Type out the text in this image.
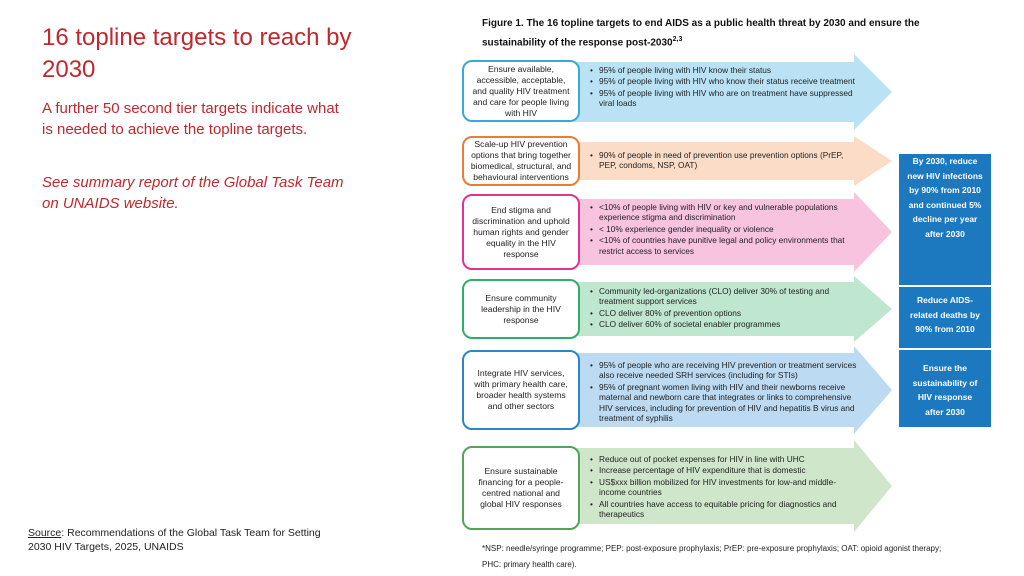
16 topline targets to reach by 2030
A further 50 second tier targets indicate what is needed to achieve the topline targets.
See summary report of the Global Task Team on UNAIDS website.
Source: Recommendations of the Global Task Team for Setting 2030 HIV Targets, 2025, UNAIDS
Figure 1. The 16 topline targets to end AIDS as a public health threat by 2030 and ensure the sustainability of the response post-2030$^{2,3}$
Ensure available, accessible, acceptable, and quality HIV treatment and care for people living with HIV
• 95% of people living with HIV know their status
• 95% of people living with HIV who know their status receive treatment
• 95% of people living with HIV who are on treatment have suppressed viral loads
Scale-up HIV prevention options that bring together biomedical, structural, and behavioural interventions
• 90% of people in need of prevention use prevention options (PrEP, PEP, condoms, NSP, OAT)
End stigma and discrimination and uphold human rights and gender equality in the HIV response
• <10% of people living with HIV or key and vulnerable populations experience stigma and discrimination
• < 10% experience gender inequality or violence
• <10% of countries have punitive legal and policy environments that restrict access to services
Ensure community leadership in the HIV response
• Community led-organizations (CLO) deliver 30% of testing and treatment support services
• CLO deliver 80% of prevention options
• CLO deliver 60% of societal enabler programmes
Integrate HIV services, with primary health care, broader health systems and other sectors
• 95% of people who are receiving HIV prevention or treatment services also receive needed SRH services (including for STIs)
• 95% of pregnant women living with HIV and their newborns receive maternal and newborn care that integrates or links to comprehensive HIV services, including for prevention of HIV and hepatitis B virus and treatment of syphilis
Ensure sustainable financing for a people-centred national and global HIV responses
• Reduce out of pocket expenses for HIV in line with UHC
• Increase percentage of HIV expenditure that is domestic
• US$xxx billion mobilized for HIV investments for low-and middle-income countries
• All countries have access to equitable pricing for diagnostics and therapeutics
By 2030, reduce new HIV infections by 90% from 2010 and continued 5% decline per year after 2030
Reduce AIDS-related deaths by 90% from 2010
Ensure the sustainability of HIV response after 2030
*NSP: needle/syringe programme; PEP: post-exposure prophylaxis; PrEP: pre-exposure prophylaxis; OAT: opioid agonist therapy; PHC: primary health care).
